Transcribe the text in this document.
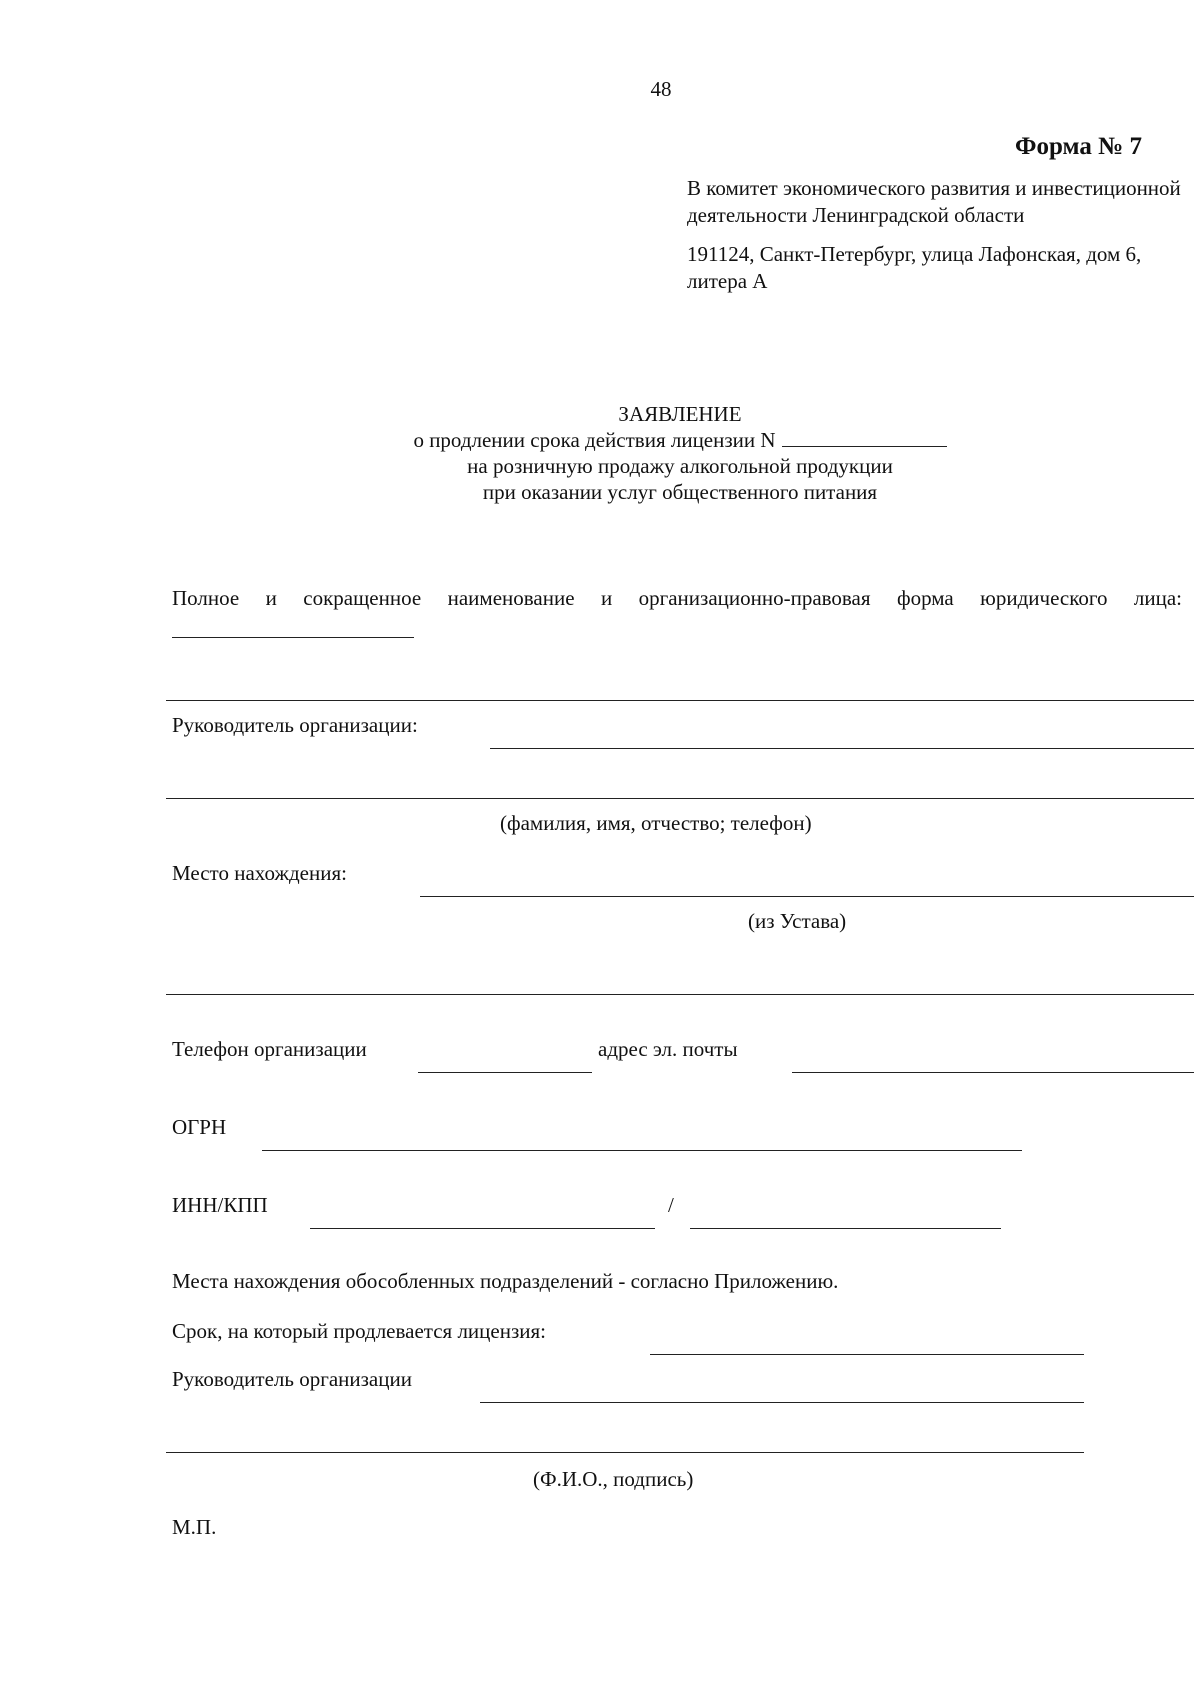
48
Форма № 7

В комитет экономического развития и инвестиционной деятельности Ленинградской области

191124, Санкт-Петербург, улица Лафонская, дом 6, литера А

ЗАЯВЛЕНИЕ
о продлении срока действия лицензии N
на розничную продажу алкогольной продукции
при оказании услуг общественного питания
Полное и сокращенное наименование и организационно-правовая форма юридического лица:
Руководитель организации:
(фамилия, имя, отчество; телефон)
Место нахождения:
(из Устава)
Телефон организации	адрес эл. почты
ОГРН
ИНН/КПП	/
Места нахождения обособленных подразделений - согласно Приложению.
Срок, на который продлевается лицензия:
Руководитель организации
(Ф.И.О., подпись)
М.П.
